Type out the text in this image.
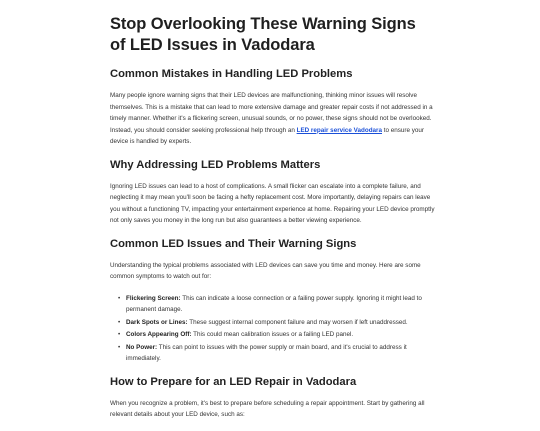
Stop Overlooking These Warning Signs of LED Issues in Vadodara
Common Mistakes in Handling LED Problems

Many people ignore warning signs that their LED devices are malfunctioning, thinking minor issues will resolve themselves. This is a mistake that can lead to more extensive damage and greater repair costs if not addressed in a timely manner. Whether it's a flickering screen, unusual sounds, or no power, these signs should not be overlooked. Instead, you should consider seeking professional help through an LED repair service Vadodara to ensure your device is handled by experts.

Why Addressing LED Problems Matters

Ignoring LED issues can lead to a host of complications. A small flicker can escalate into a complete failure, and neglecting it may mean you'll soon be facing a hefty replacement cost. More importantly, delaying repairs can leave you without a functioning TV, impacting your entertainment experience at home. Repairing your LED device promptly not only saves you money in the long run but also guarantees a better viewing experience.

Common LED Issues and Their Warning Signs

Understanding the typical problems associated with LED devices can save you time and money. Here are some common symptoms to watch out for:

• Flickering Screen: This can indicate a loose connection or a failing power supply. Ignoring it might lead to permanent damage.
• Dark Spots or Lines: These suggest internal component failure and may worsen if left unaddressed.
• Colors Appearing Off: This could mean calibration issues or a failing LED panel.
• No Power: This can point to issues with the power supply or main board, and it's crucial to address it immediately.
How to Prepare for an LED Repair in Vadodara

When you recognize a problem, it's best to prepare before scheduling a repair appointment. Start by gathering all relevant details about your LED device, such as:
